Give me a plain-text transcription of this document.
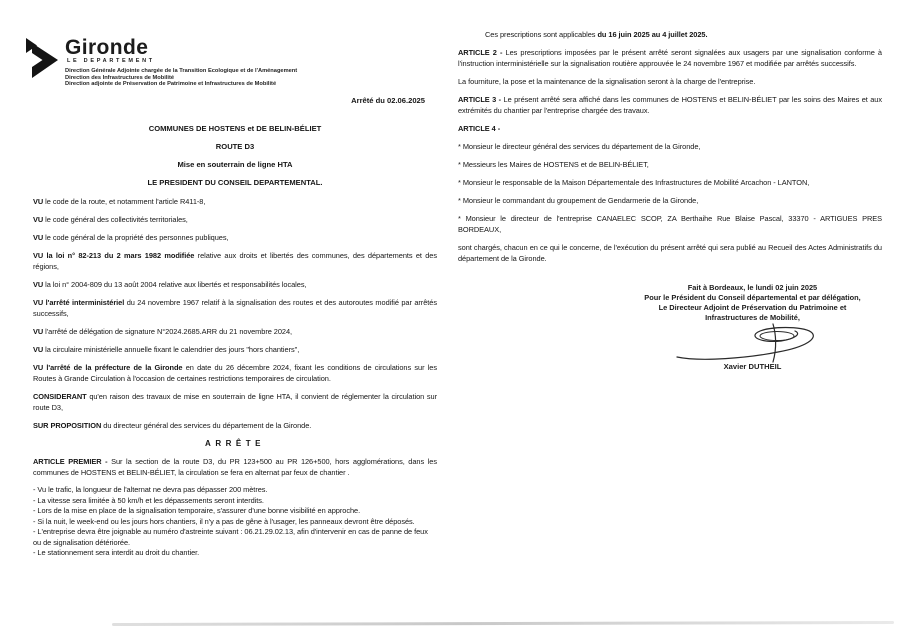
Gironde
LE DEPARTEMENT
Direction Générale Adjointe chargée de la Transition Ecologique et de l'Aménagement
Direction des Infrastructures de Mobilité
Direction adjointe de Préservation de Patrimoine et Infrastructures de Mobilité
Arrêté du 02.06.2025
COMMUNES DE HOSTENS et DE BELIN-BÉLIET
ROUTE D3
Mise en souterrain de ligne HTA
LE PRESIDENT DU CONSEIL DEPARTEMENTAL.

VU le code de la route, et notamment l'article R411-8,

VU le code général des collectivités territoriales,

VU le code général de la propriété des personnes publiques,

VU la loi n° 82-213 du 2 mars 1982 modifiée relative aux droits et libertés des communes, des départements et des régions,

VU la loi n° 2004-809 du 13 août 2004 relative aux libertés et responsabilités locales,

VU l'arrêté interministériel du 24 novembre 1967 relatif à la signalisation des routes et des autoroutes modifié par arrêtés successifs,

VU l'arrêté de délégation de signature N°2024.2685.ARR du 21 novembre 2024,

VU la circulaire ministérielle annuelle fixant le calendrier des jours "hors chantiers",

VU l'arrêté de la préfecture de la Gironde en date du 26 décembre 2024, fixant les conditions de circulations sur les Routes à Grande Circulation à l'occasion de certaines restrictions temporaires de circulation.

CONSIDERANT qu'en raison des travaux de mise en souterrain de ligne HTA, il convient de réglementer la circulation sur route D3,

SUR PROPOSITION du directeur général des services du département de la Gironde.

ARRÊTE

ARTICLE PREMIER - Sur la section de la route D3, du PR 123+500 au PR 126+500, hors agglomérations, dans les communes de HOSTENS et BELIN-BÉLIET, la circulation se fera en alternat par feux de chantier .

- Vu le trafic, la longueur de l'alternat ne devra pas dépasser 200 mètres.

- La vitesse sera limitée à 50 km/h et les dépassements seront interdits.

- Lors de la mise en place de la signalisation temporaire, s'assurer d'une bonne visibilité en approche.

- Si la nuit, le week-end ou les jours hors chantiers, il n'y a pas de gêne à l'usager, les panneaux devront être déposés.

- L'entreprise devra être joignable au numéro d'astreinte suivant : 06.21.29.02.13, afin d'intervenir en cas de panne de feux ou de signalisation détériorée.

- Le stationnement sera interdit au droit du chantier.

Ces prescriptions sont applicables du 16 juin 2025 au 4 juillet 2025.

ARTICLE 2 - Les prescriptions imposées par le présent arrêté seront signalées aux usagers par une signalisation conforme à l'instruction interministérielle sur la signalisation routière approuvée le 24 novembre 1967 et modifiée par arrêtés successifs.

La fourniture, la pose et la maintenance de la signalisation seront à la charge de l'entreprise.

ARTICLE 3 - Le présent arrêté sera affiché dans les communes de HOSTENS et BELIN-BÉLIET par les soins des Maires et aux extrémités du chantier par l'entreprise chargée des travaux.

ARTICLE 4 -

* Monsieur le directeur général des services du département de la Gironde,

* Messieurs les Maires de HOSTENS et de BELIN-BÉLIET,

* Monsieur le responsable de la Maison Départementale des Infrastructures de Mobilité Arcachon - LANTON,

* Monsieur le commandant du groupement de Gendarmerie de la Gironde,

* Monsieur le directeur de l'entreprise CANAELEC SCOP, ZA Berthaihe Rue Blaise Pascal, 33370 - ARTIGUES PRES BORDEAUX,

sont chargés, chacun en ce qui le concerne, de l'exécution du présent arrêté qui sera publié au Recueil des Actes Administratifs du département de la Gironde.

Fait à Bordeaux, le lundi 02 juin 2025
Pour le Président du Conseil départemental et par délégation,
Le Directeur Adjoint de Préservation du Patrimoine et
Infrastructures de Mobilité,
Xavier DUTHEIL
